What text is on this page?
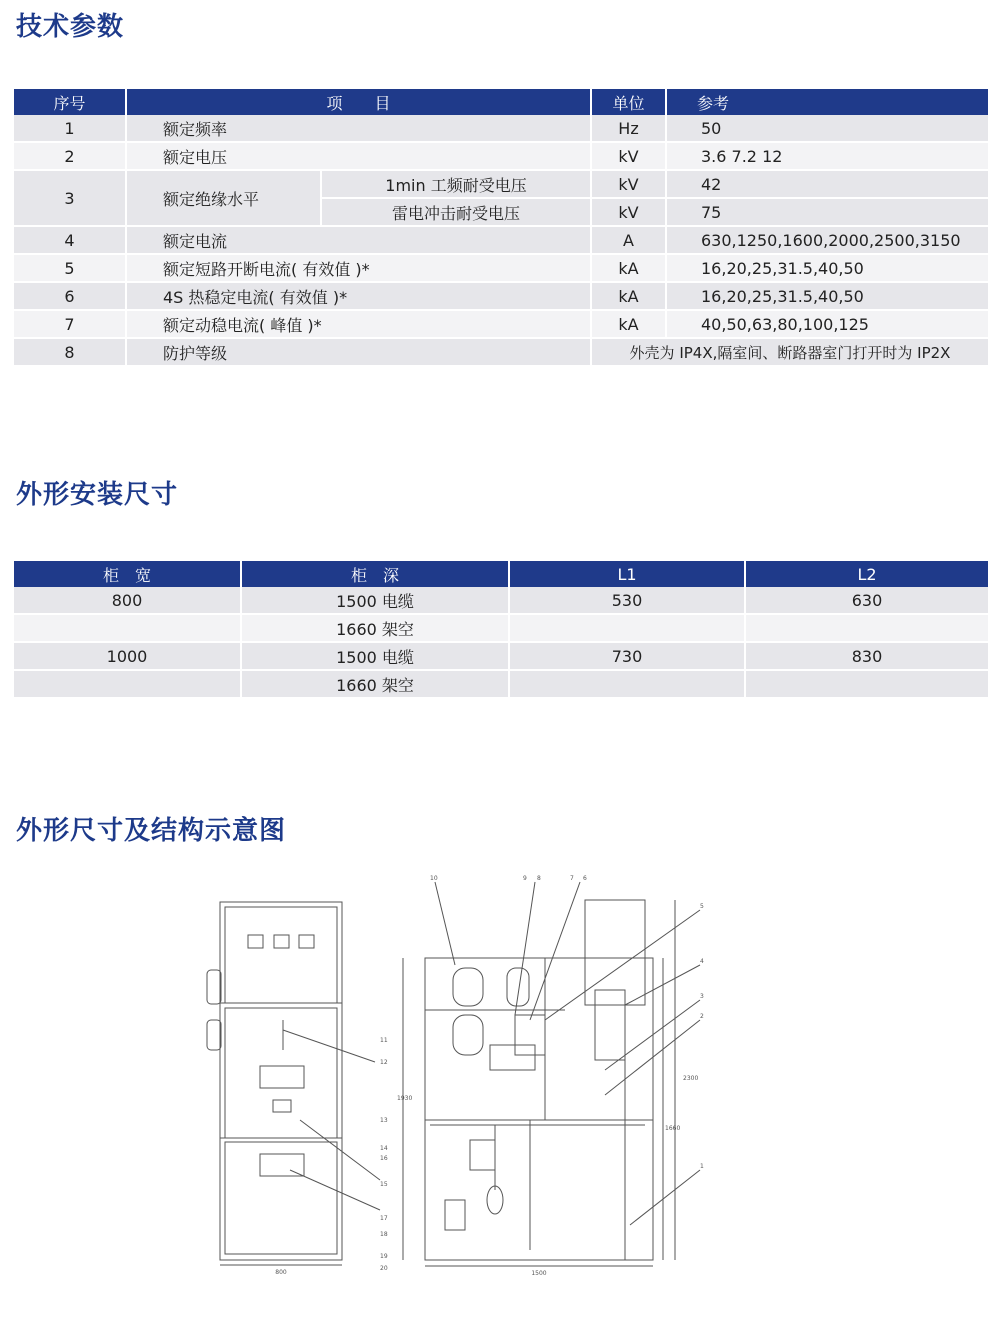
技术参数
序号	项　　目		单位	参考
1	额定频率		Hz	50
2	额定电压		kV	3.6 7.2 12
3	额定绝缘水平	1min 工频耐受电压	kV	42
		雷电冲击耐受电压	kV	75
4	额定电流		A	630,1250,1600,2000,2500,3150
5	额定短路开断电流( 有效值 )*		kA	16,20,25,31.5,40,50
6	4S 热稳定电流( 有效值 )*		kA	16,20,25,31.5,40,50
7	额定动稳电流( 峰值 )*		kA	40,50,63,80,100,125
8	防护等级		外壳为 IP4X,隔室间、断路器室门打开时为 IP2X	
外形安装尺寸
柜　宽	柜　深	L1	L2
800	1500 电缆	530	630
	1660 架空		
1000	1500 电缆	730	830
	1660 架空		
外形尺寸及结构示意图
800	1500
2300
1660
1930
11
12
13
14
15
16
17
18
19
20
10	9 8	7 6
5
4
3
2
1
